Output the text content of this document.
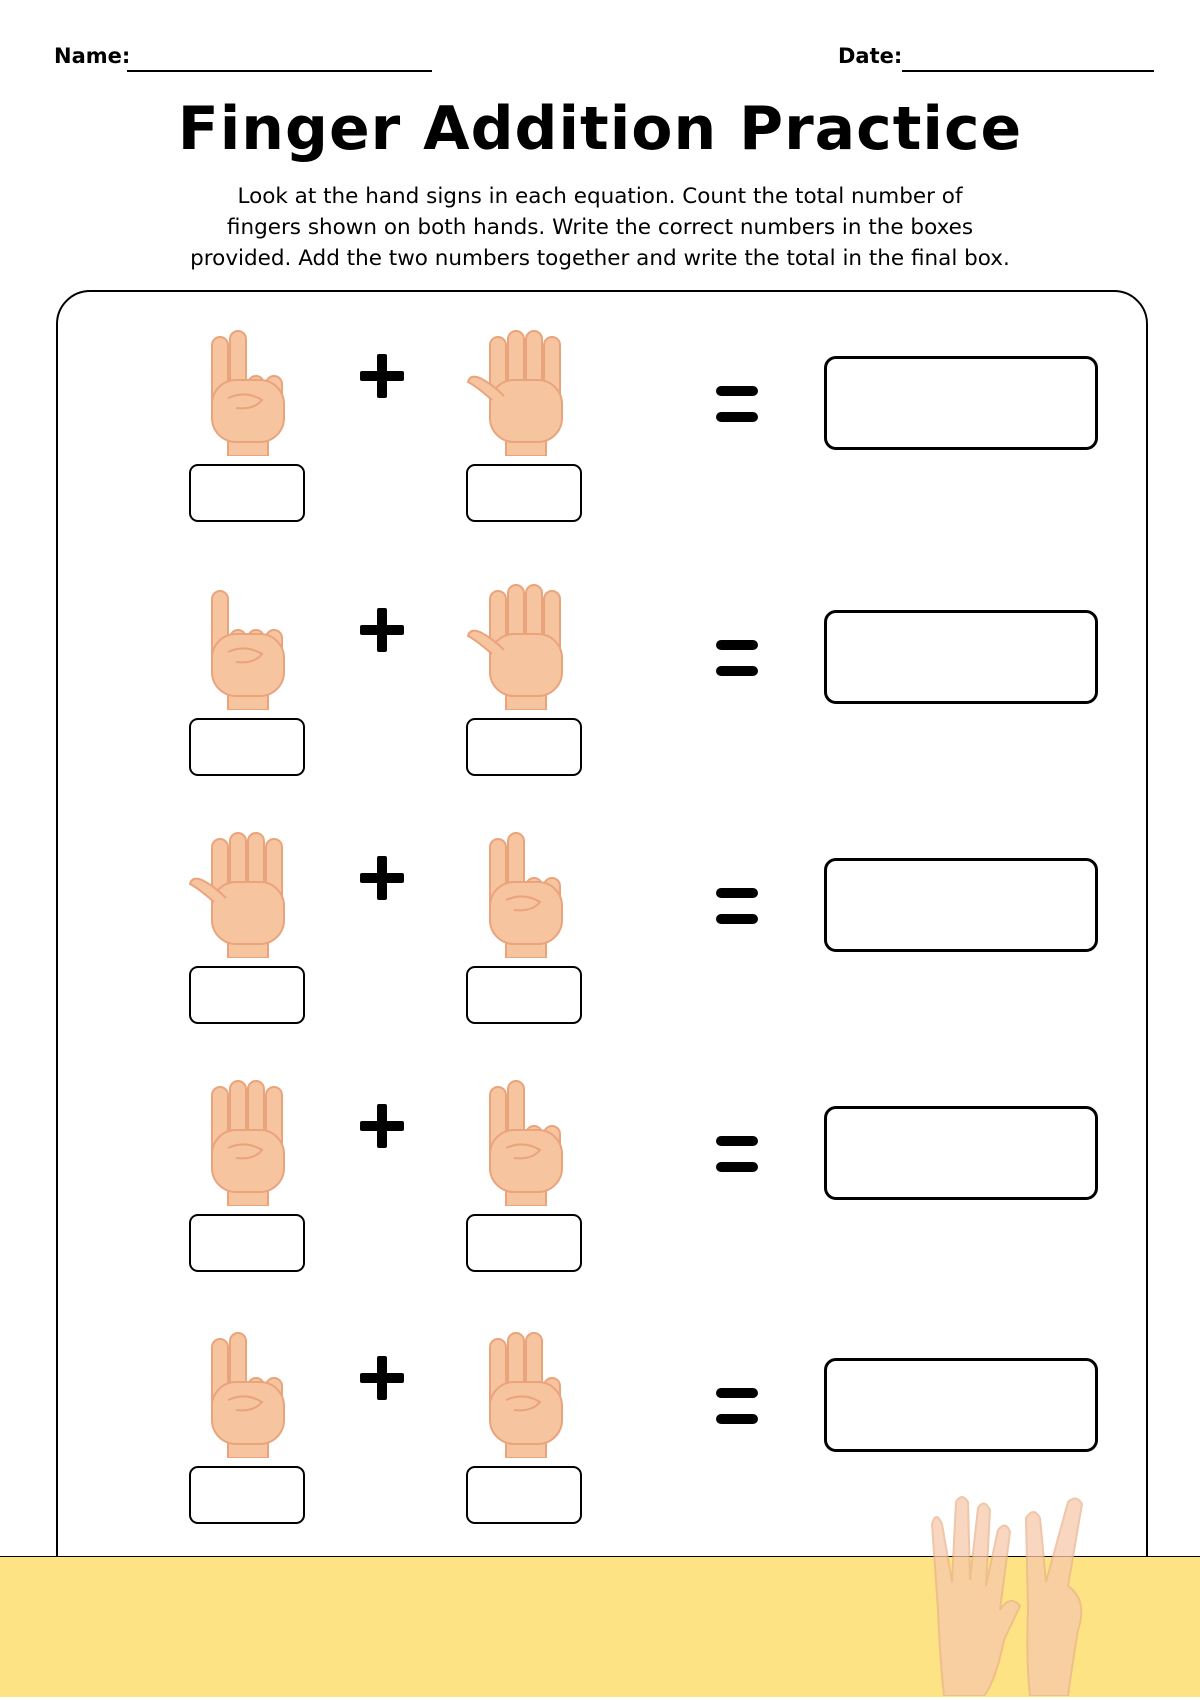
Name:	Date:
Finger Addition Practice
Look at the hand signs in each equation. Count the total number of
fingers shown on both hands. Write the correct numbers in the boxes
provided. Add the two numbers together and write the total in the final box.
